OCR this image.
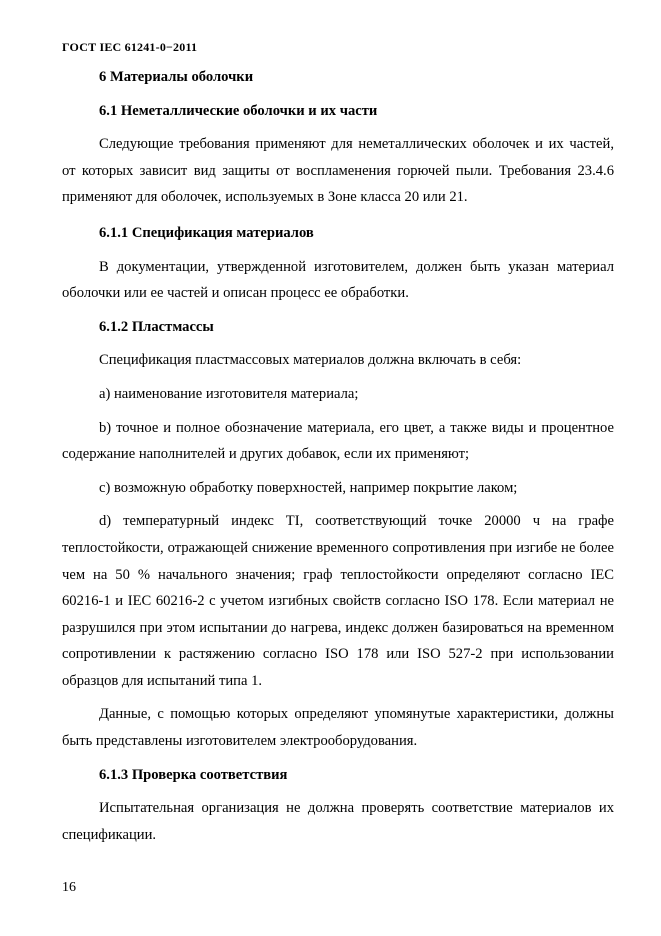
ГОСТ IEC 61241-0−2011

6 Материалы оболочки

6.1 Неметаллические оболочки и их части

Следующие требования применяют для неметаллических оболочек и их частей, от которых зависит вид защиты от воспламенения горючей пыли. Требования 23.4.6 применяют для оболочек, используемых в Зоне класса 20 или 21.

6.1.1 Спецификация материалов

В документации, утвержденной изготовителем, должен быть указан материал оболочки или ее частей и описан процесс ее обработки.

6.1.2 Пластмассы

Спецификация пластмассовых материалов должна включать в себя:

а) наименование изготовителя материала;

b) точное и полное обозначение материала, его цвет, а также виды и процентное содержание наполнителей и других добавок, если их применяют;

с) возможную обработку поверхностей, например покрытие лаком;

d) температурный индекс TI, соответствующий точке 20000 ч на графе теплостойкости, отражающей снижение временного сопротивления при изгибе не более чем на 50 % начального значения; граф теплостойкости определяют согласно IEC 60216-1 и IEC 60216-2 с учетом изгибных свойств согласно ISO 178. Если материал не разрушился при этом испытании до нагрева, индекс должен базироваться на временном сопротивлении к растяжению согласно ISO 178 или ISO 527-2 при использовании образцов для испытаний типа 1.

Данные, с помощью которых определяют упомянутые характеристики, должны быть представлены изготовителем электрооборудования.

6.1.3 Проверка соответствия

Испытательная организация не должна проверять соответствие материалов их спецификации.

16
